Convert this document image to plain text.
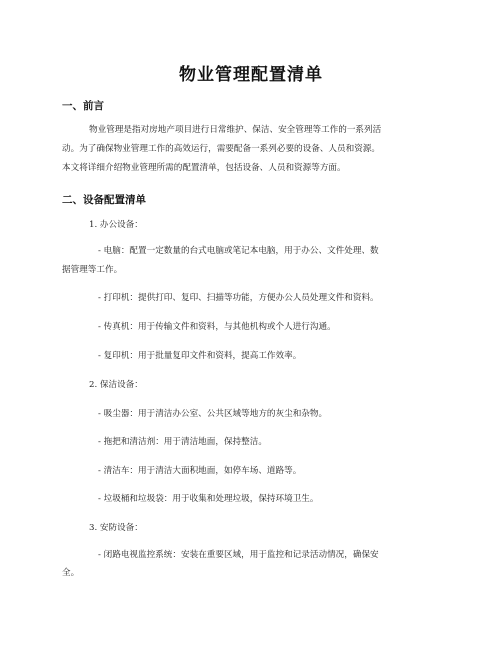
物业管理配置清单
一、前言
物业管理是指对房地产项目进行日常维护、保洁、安全管理等工作的一系列活
动。为了确保物业管理工作的高效运行，需要配备一系列必要的设备、人员和资源。
本文将详细介绍物业管理所需的配置清单，包括设备、人员和资源等方面。
二、设备配置清单
1. 办公设备：
- 电脑：配置一定数量的台式电脑或笔记本电脑，用于办公、文件处理、数
据管理等工作。
- 打印机：提供打印、复印、扫描等功能，方便办公人员处理文件和资料。
- 传真机：用于传输文件和资料，与其他机构或个人进行沟通。
- 复印机：用于批量复印文件和资料，提高工作效率。
2. 保洁设备：
- 吸尘器：用于清洁办公室、公共区域等地方的灰尘和杂物。
- 拖把和清洁剂：用于清洁地面，保持整洁。
- 清洁车：用于清洁大面积地面，如停车场、道路等。
- 垃圾桶和垃圾袋：用于收集和处理垃圾，保持环境卫生。
3. 安防设备：
- 闭路电视监控系统：安装在重要区域，用于监控和记录活动情况，确保安
全。
